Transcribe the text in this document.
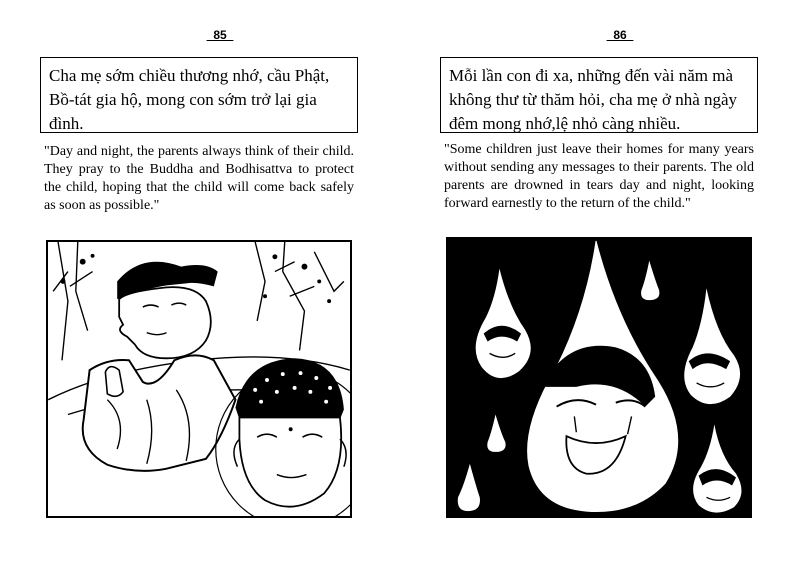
_85_
Cha mẹ sớm chiều thương nhớ, cầu Phật, Bồ-tát gia hộ, mong con sớm trở lại gia đình.
"Day and night, the parents always think of their child. They pray to the Buddha and Bodhisattva to protect the child, hoping that the child will come back safely as soon as possible."
_86_
Mỗi lần con đi xa, những đến vài năm mà không thư từ thăm hỏi, cha mẹ ở nhà ngày đêm mong nhớ,lệ nhỏ càng nhiều.
"Some children just leave their homes for many years without sending any messages to their parents. The old parents are drowned in tears day and night, looking forward earnestly to the return of the child."
